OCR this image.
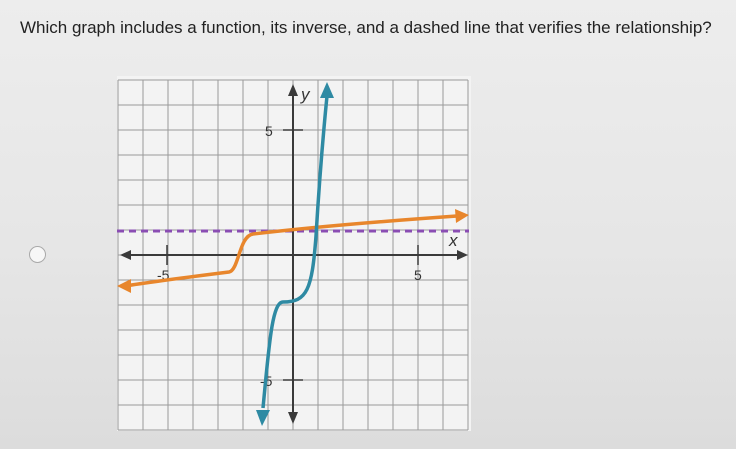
Which graph includes a function, its inverse, and a dashed line that verifies the relationship?
5
-5
5
-5
y
x
